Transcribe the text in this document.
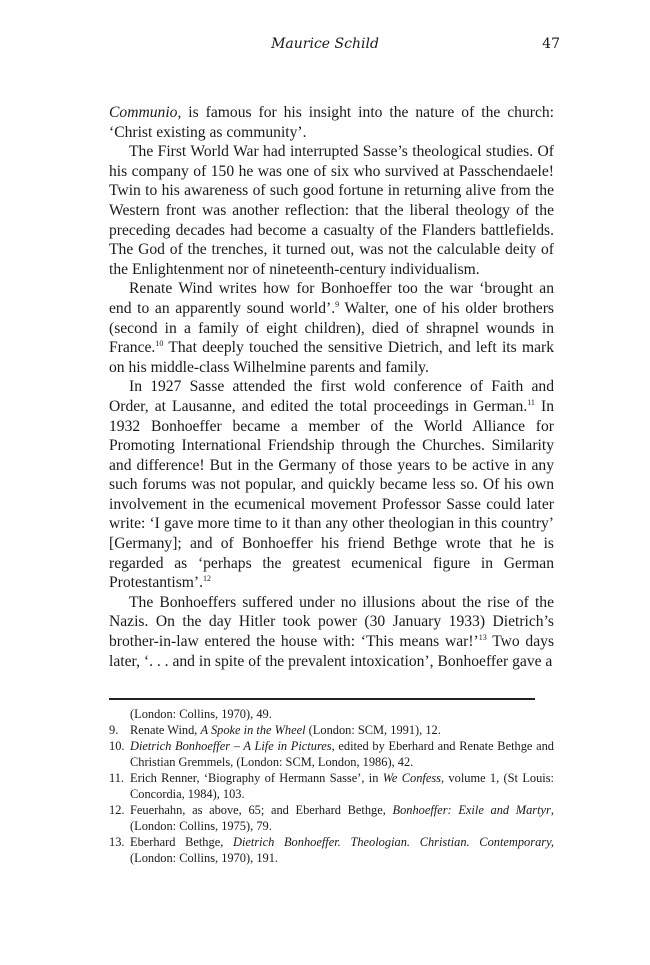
Maurice Schild	47

Communio, is famous for his insight into the nature of the church: ‘Christ existing as community’.

The First World War had interrupted Sasse’s theological studies. Of his company of 150 he was one of six who survived at Passchendaele! Twin to his awareness of such good fortune in returning alive from the Western front was another reflection: that the liberal theology of the preceding decades had become a casualty of the Flanders battlefields. The God of the trenches, it turned out, was not the calculable deity of the Enlightenment nor of nineteenth-century individualism.

Renate Wind writes how for Bonhoeffer too the war ‘brought an end to an apparently sound world’.$^9$ Walter, one of his older brothers (second in a family of eight children), died of shrapnel wounds in France.$^{10}$ That deeply touched the sensitive Dietrich, and left its mark on his middle-class Wilhelmine parents and family.

In 1927 Sasse attended the first wold conference of Faith and Order, at Lausanne, and edited the total proceedings in German.$^{11}$ In 1932 Bonhoeffer became a member of the World Alliance for Promoting International Friendship through the Churches. Similarity and difference! But in the Germany of those years to be active in any such forums was not popular, and quickly became less so. Of his own involvement in the ecumenical movement Professor Sasse could later write: ‘I gave more time to it than any other theologian in this country’ [Germany]; and of Bonhoeffer his friend Bethge wrote that he is regarded as ‘perhaps the greatest ecumenical figure in German Protestantism’.$^{12}$

The Bonhoeffers suffered under no illusions about the rise of the Nazis. On the day Hitler took power (30 January 1933) Dietrich’s brother-in-law entered the house with: ‘This means war!’$^{13}$ Two days later, ‘. . . and in spite of the prevalent intoxication’, Bonhoeffer gave a

(London: Collins, 1970), 49.
9. Renate Wind, A Spoke in the Wheel (London: SCM, 1991), 12.
10. Dietrich Bonhoeffer – A Life in Pictures, edited by Eberhard and Renate Bethge and Christian Gremmels, (London: SCM, London, 1986), 42.
11. Erich Renner, ‘Biography of Hermann Sasse’, in We Confess, volume 1, (St Louis: Concordia, 1984), 103.
12. Feuerhahn, as above, 65; and Eberhard Bethge, Bonhoeffer: Exile and Martyr, (London: Collins, 1975), 79.
13. Eberhard Bethge, Dietrich Bonhoeffer. Theologian. Christian. Contemporary, (London: Collins, 1970), 191.
